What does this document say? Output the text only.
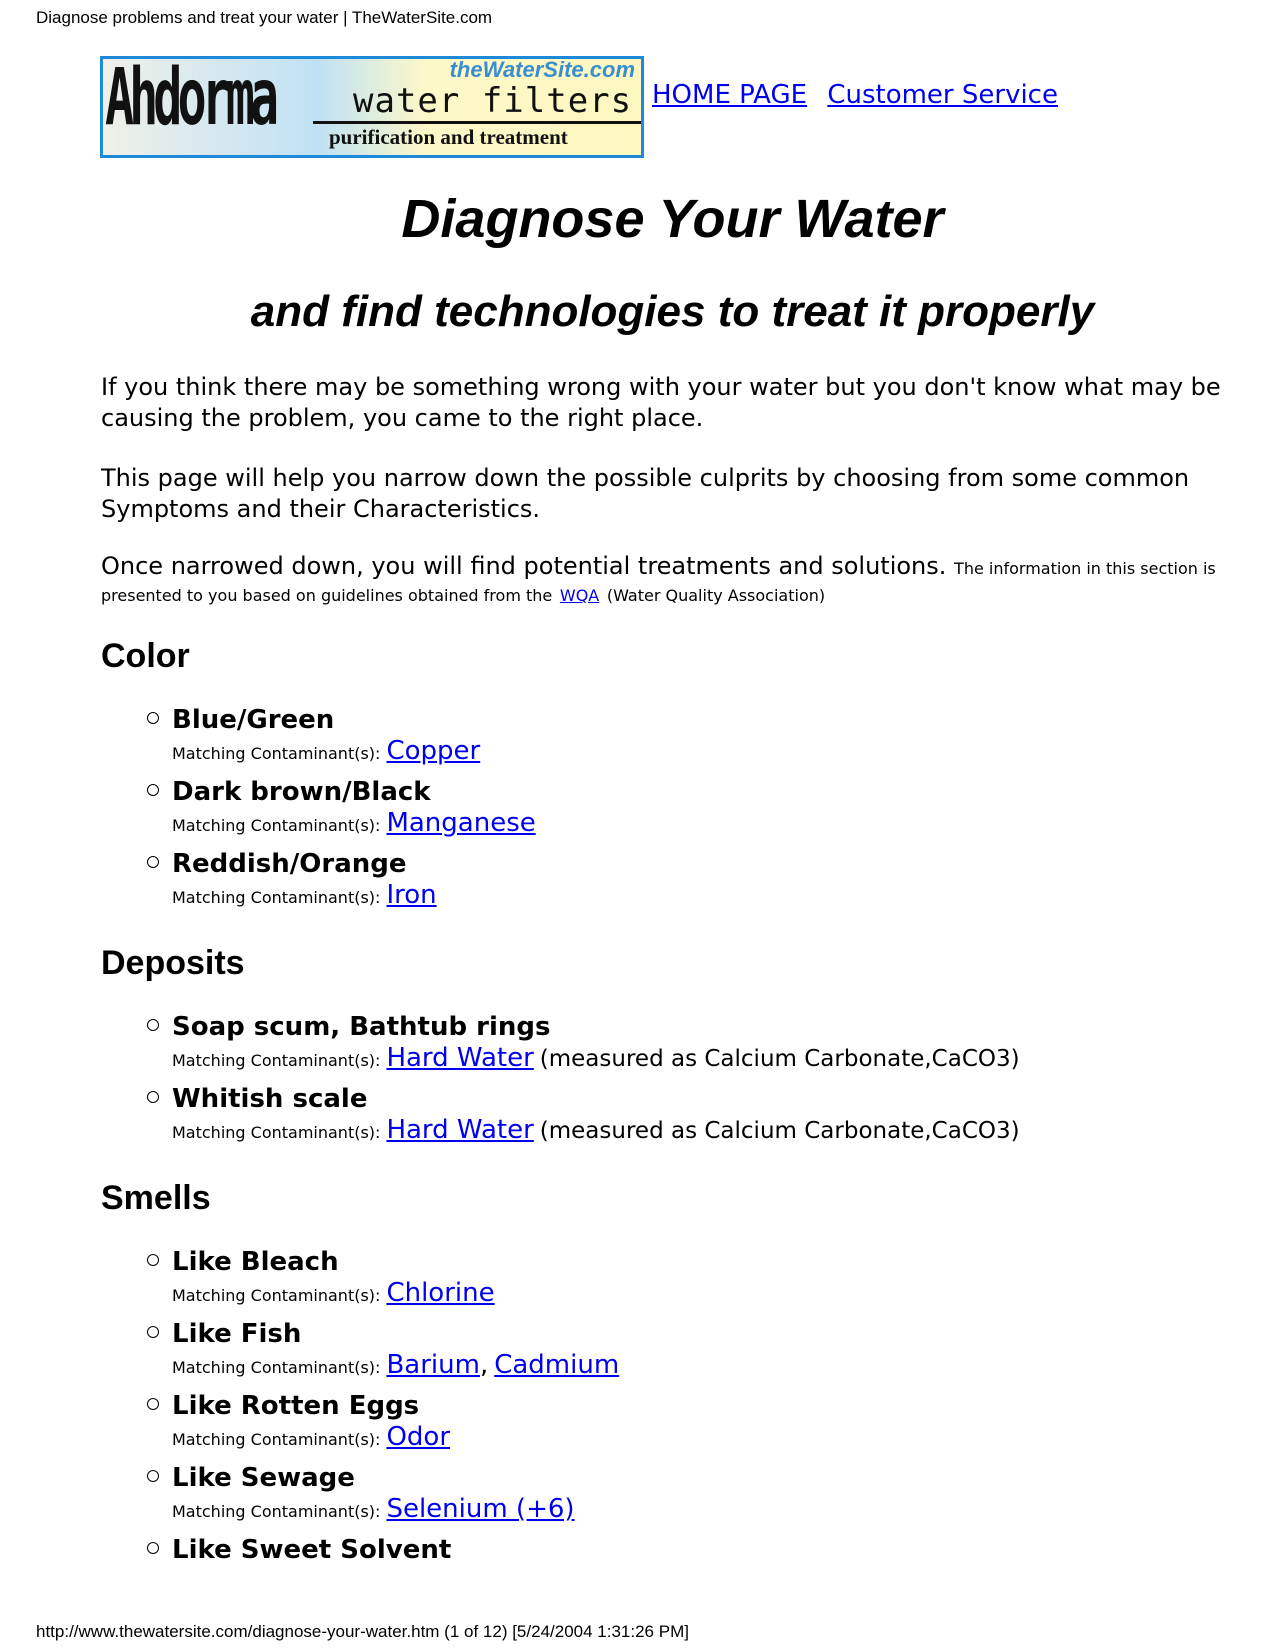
Diagnose problems and treat your water | TheWaterSite.com
Ahdorma	theWaterSite.com
water filters
purification and treatment
HOME PAGE Customer Service
Diagnose Your Water
and find technologies to treat it properly

If you think there may be something wrong with your water but you don't know what may be causing the problem, you came to the right place.

This page will help you narrow down the possible culprits by choosing from some common Symptoms and their Characteristics.

Once narrowed down, you will find potential treatments and solutions. The information in this section is presented to you based on guidelines obtained from the WQA (Water Quality Association)

Color
Blue/Green
Matching Contaminant(s): Copper
Dark brown/Black
Matching Contaminant(s): Manganese
Reddish/Orange
Matching Contaminant(s): Iron
Deposits
Soap scum, Bathtub rings
Matching Contaminant(s): Hard Water (measured as Calcium Carbonate,CaCO3)
Whitish scale
Matching Contaminant(s): Hard Water (measured as Calcium Carbonate,CaCO3)
Smells
Like Bleach
Matching Contaminant(s): Chlorine
Like Fish
Matching Contaminant(s): Barium, Cadmium
Like Rotten Eggs
Matching Contaminant(s): Odor
Like Sewage
Matching Contaminant(s): Selenium (+6)
Like Sweet Solvent
http://www.thewatersite.com/diagnose-your-water.htm (1 of 12) [5/24/2004 1:31:26 PM]
